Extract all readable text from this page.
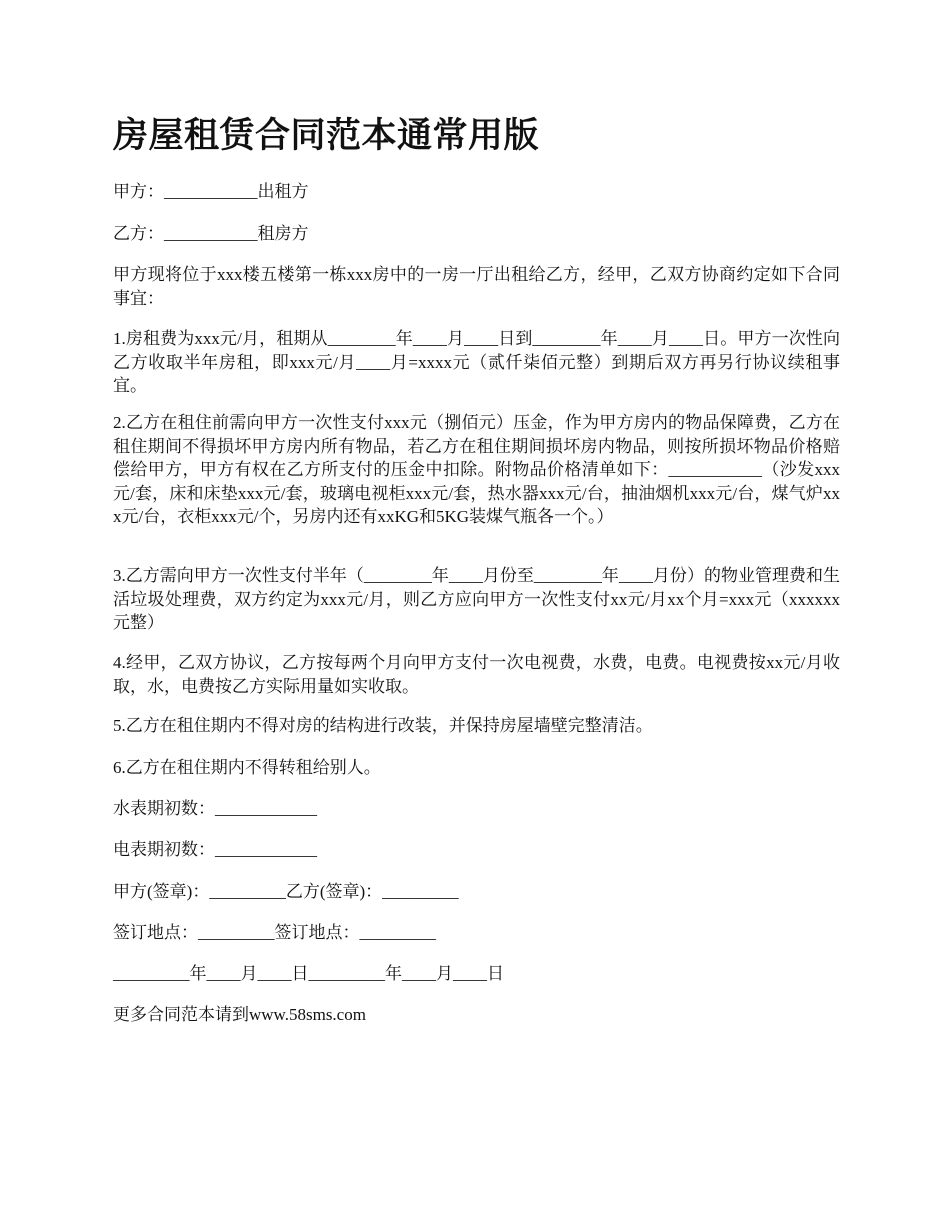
房屋租赁合同范本通常用版

甲方：___________出租方

乙方：___________租房方

甲方现将位于xxx楼五楼第一栋xxx房中的一房一厅出租给乙方，经甲，乙双方协商约定如下合同事宜：

1.房租费为xxx元/月，租期从________年____月____日到________年____月____日。甲方一次性向乙方收取半年房租，即xxx元/月____月=xxxx元（贰仟柒佰元整）到期后双方再另行协议续租事宜。

2.乙方在租住前需向甲方一次性支付xxx元（捌佰元）压金，作为甲方房内的物品保障费，乙方在租住期间不得损坏甲方房内所有物品，若乙方在租住期间损坏房内物品，则按所损坏物品价格赔偿给甲方，甲方有权在乙方所支付的压金中扣除。附物品价格清单如下：___________（沙发xxx元/套，床和床垫xxx元/套，玻璃电视柜xxx元/套，热水器xxx元/台，抽油烟机xxx元/台，煤气炉xxx元/台，衣柜xxx元/个，另房内还有xxKG和5KG装煤气瓶各一个。）

3.乙方需向甲方一次性支付半年（________年____月份至________年____月份）的物业管理费和生活垃圾处理费，双方约定为xxx元/月，则乙方应向甲方一次性支付xx元/月xx个月=xxx元（xxxxxx元整）

4.经甲，乙双方协议，乙方按每两个月向甲方支付一次电视费，水费，电费。电视费按xx元/月收取，水，电费按乙方实际用量如实收取。

5.乙方在租住期内不得对房的结构进行改装，并保持房屋墙壁完整清洁。

6.乙方在租住期内不得转租给别人。

水表期初数：____________

电表期初数：____________

甲方(签章)：_________乙方(签章)：_________

签订地点：_________签订地点：_________

_________年____月____日_________年____月____日

更多合同范本请到www.58sms.com
